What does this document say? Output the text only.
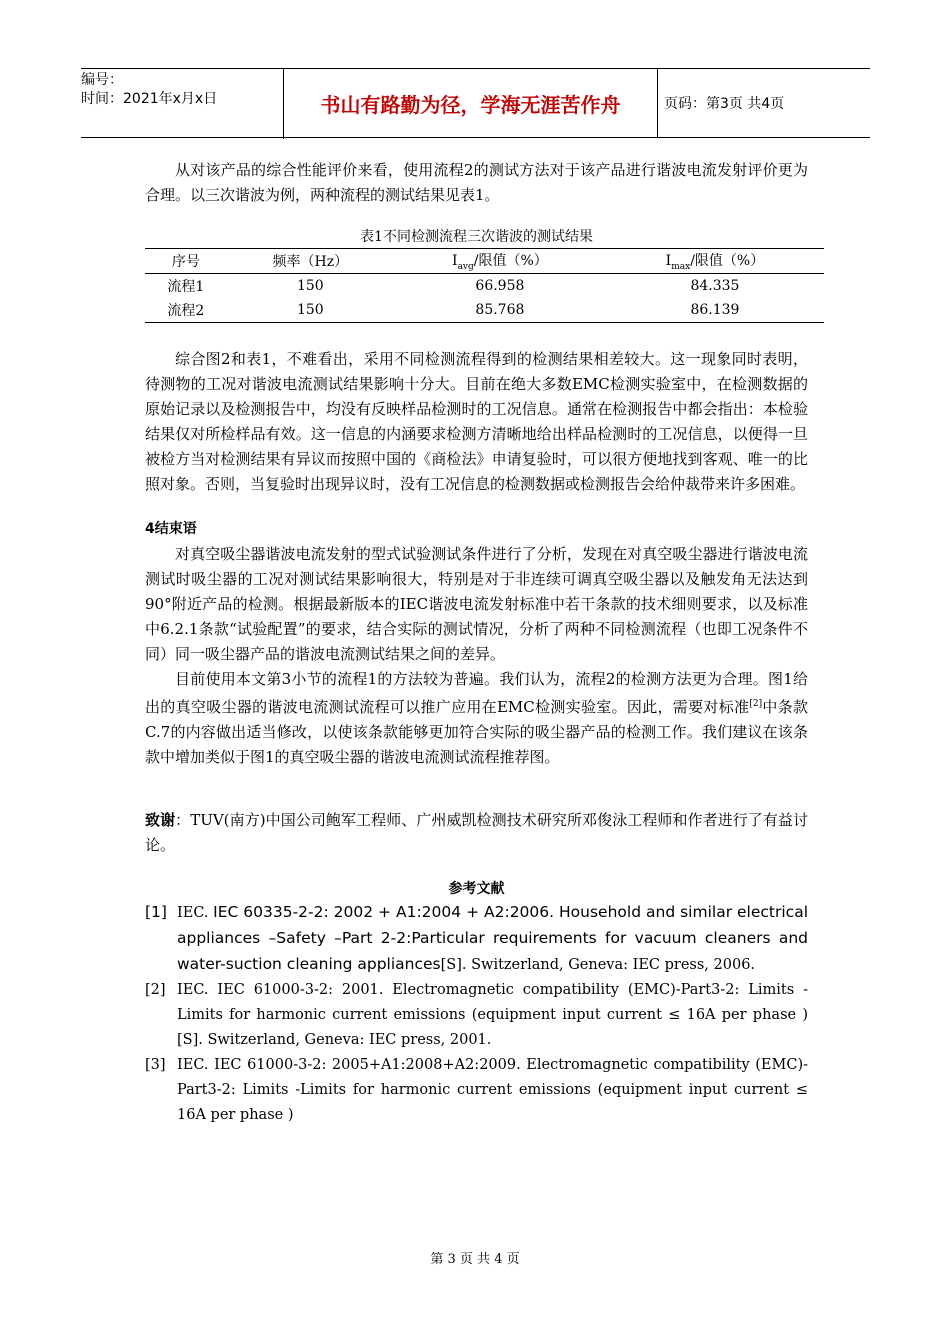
编号：
时间：2021年x月x日	书山有路勤为径，学海无涯苦作舟	页码：第3页 共4页

从对该产品的综合性能评价来看，使用流程2的测试方法对于该产品进行谐波电流发射评价更为合理。以三次谐波为例，两种流程的测试结果见表1。

表1不同检测流程三次谐波的测试结果
序号	频率（Hz）	$I_{avg}/$限值（%）	$I_{max}/$限值（%）
流程1	150	66.958	84.335
流程2	150	85.768	86.139

综合图2和表1，不难看出，采用不同检测流程得到的检测结果相差较大。这一现象同时表明，待测物的工况对谐波电流测试结果影响十分大。目前在绝大多数EMC检测实验室中，在检测数据的原始记录以及检测报告中，均没有反映样品检测时的工况信息。通常在检测报告中都会指出：本检验结果仅对所检样品有效。这一信息的内涵要求检测方清晰地给出样品检测时的工况信息，以便得一旦被检方当对检测结果有异议而按照中国的《商检法》申请复验时，可以很方便地找到客观、唯一的比照对象。否则，当复验时出现异议时，没有工况信息的检测数据或检测报告会给仲裁带来许多困难。

4结束语

对真空吸尘器谐波电流发射的型式试验测试条件进行了分析，发现在对真空吸尘器进行谐波电流测试时吸尘器的工况对测试结果影响很大，特别是对于非连续可调真空吸尘器以及触发角无法达到90°附近产品的检测。根据最新版本的IEC谐波电流发射标准中若干条款的技术细则要求，以及标准中6.2.1条款“试验配置”的要求，结合实际的测试情况，分析了两种不同检测流程（也即工况条件不同）同一吸尘器产品的谐波电流测试结果之间的差异。

目前使用本文第3小节的流程1的方法较为普遍。我们认为，流程2的检测方法更为合理。图1给出的真空吸尘器的谐波电流测试流程可以推广应用在EMC检测实验室。因此，需要对标准[2]中条款C.7的内容做出适当修改，以使该条款能够更加符合实际的吸尘器产品的检测工作。我们建议在该条款中增加类似于图1的真空吸尘器的谐波电流测试流程推荐图。

致谢：TUV(南方)中国公司鲍军工程师、广州威凯检测技术研究所邓俊泳工程师和作者进行了有益讨论。

参考文献
[1] IEC. IEC 60335-2-2: 2002 + A1:2004 + A2:2006. Household and similar electrical appliances –Safety –Part 2-2:Particular requirements for vacuum cleaners and water-suction cleaning appliances[S]. Switzerland, Geneva: IEC press, 2006.
[2] IEC. IEC 61000-3-2: 2001. Electromagnetic compatibility (EMC)-Part3-2: Limits -Limits for harmonic current emissions (equipment input current ≤ 16A per phase )[S]. Switzerland, Geneva: IEC press, 2001.
[3] IEC. IEC 61000-3-2: 2005+A1:2008+A2:2009. Electromagnetic compatibility (EMC)-Part3-2: Limits -Limits for harmonic current emissions (equipment input current ≤ 16A per phase )
第 3 页 共 4 页
